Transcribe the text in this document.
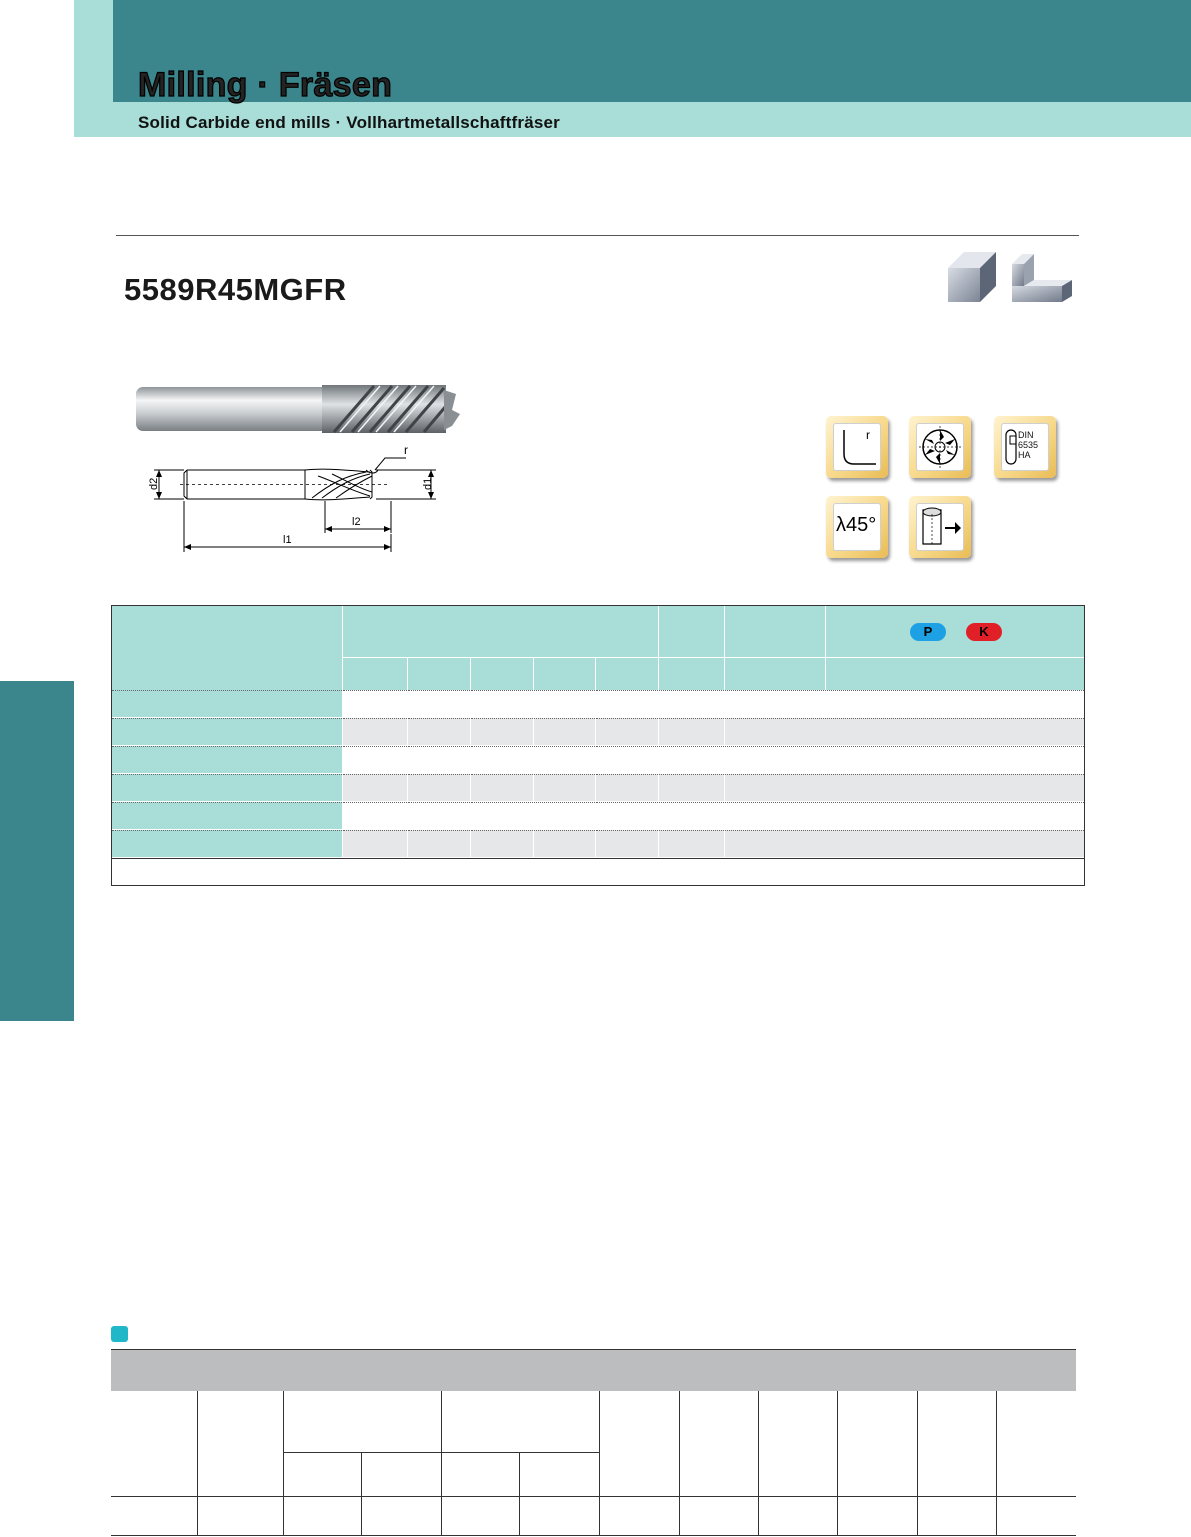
Milling · Fräsen
Solid Carbide end mills · Vollhartmetallschaftfräser
5589R45MGFR
d2	d1
r
l2
l1
r	DIN 6535 HA
λ45°
P	K
